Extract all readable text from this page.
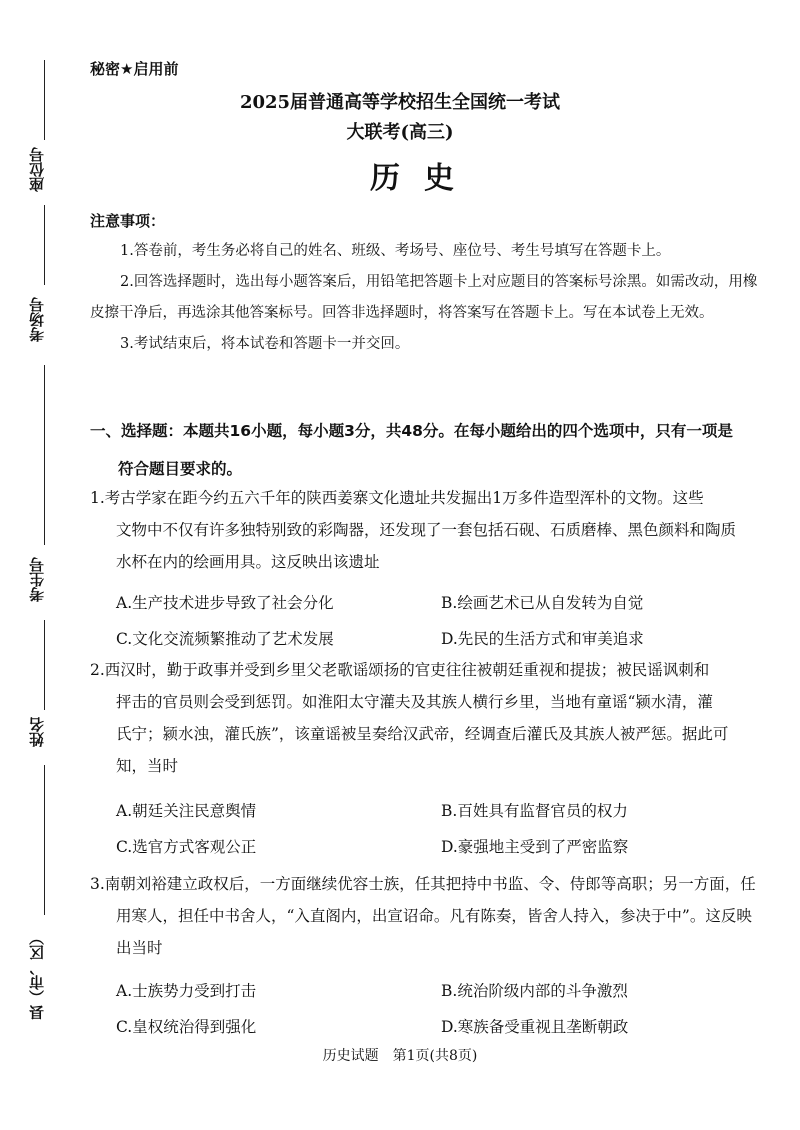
座位号
考场号
考生号
姓名
县（市、区）
秘密★启用前
2025届普通高等学校招生全国统一考试
大联考(高三)
历史
注意事项：

1.答卷前，考生务必将自己的姓名、班级、考场号、座位号、考生号填写在答题卡上。

2.回答选择题时，选出每小题答案后，用铅笔把答题卡上对应题目的答案标号涂黑。如需改动，用橡皮擦干净后，再选涂其他答案标号。回答非选择题时，将答案写在答题卡上。写在本试卷上无效。

3.考试结束后，将本试卷和答题卡一并交回。

一、选择题：本题共16小题，每小题3分，共48分。在每小题给出的四个选项中，只有一项是
符合题目要求的。
1.考古学家在距今约五六千年的陕西姜寨文化遗址共发掘出1万多件造型浑朴的文物。这些
文物中不仅有许多独特别致的彩陶器，还发现了一套包括石砚、石质磨棒、黑色颜料和陶质
水杯在内的绘画用具。这反映出该遗址
A.生产技术进步导致了社会分化	B.绘画艺术已从自发转为自觉
C.文化交流频繁推动了艺术发展	D.先民的生活方式和审美追求
2.西汉时，勤于政事并受到乡里父老歌谣颂扬的官吏往往被朝廷重视和提拔；被民谣讽刺和
抨击的官员则会受到惩罚。如淮阳太守灌夫及其族人横行乡里，当地有童谣“颍水清，灌
氏宁；颍水浊，灌氏族”，该童谣被呈奏给汉武帝，经调查后灌氏及其族人被严惩。据此可
知，当时
A.朝廷关注民意舆情	B.百姓具有监督官员的权力
C.选官方式客观公正	D.豪强地主受到了严密监察
3.南朝刘裕建立政权后，一方面继续优容士族，任其把持中书监、令、侍郎等高职；另一方面，任
用寒人，担任中书舍人，“入直阁内，出宣诏命。凡有陈奏，皆舍人持入，参决于中”。这反映
出当时
A.士族势力受到打击	B.统治阶级内部的斗争激烈
C.皇权统治得到强化	D.寒族备受重视且垄断朝政
历史试题　第1页(共8页)
